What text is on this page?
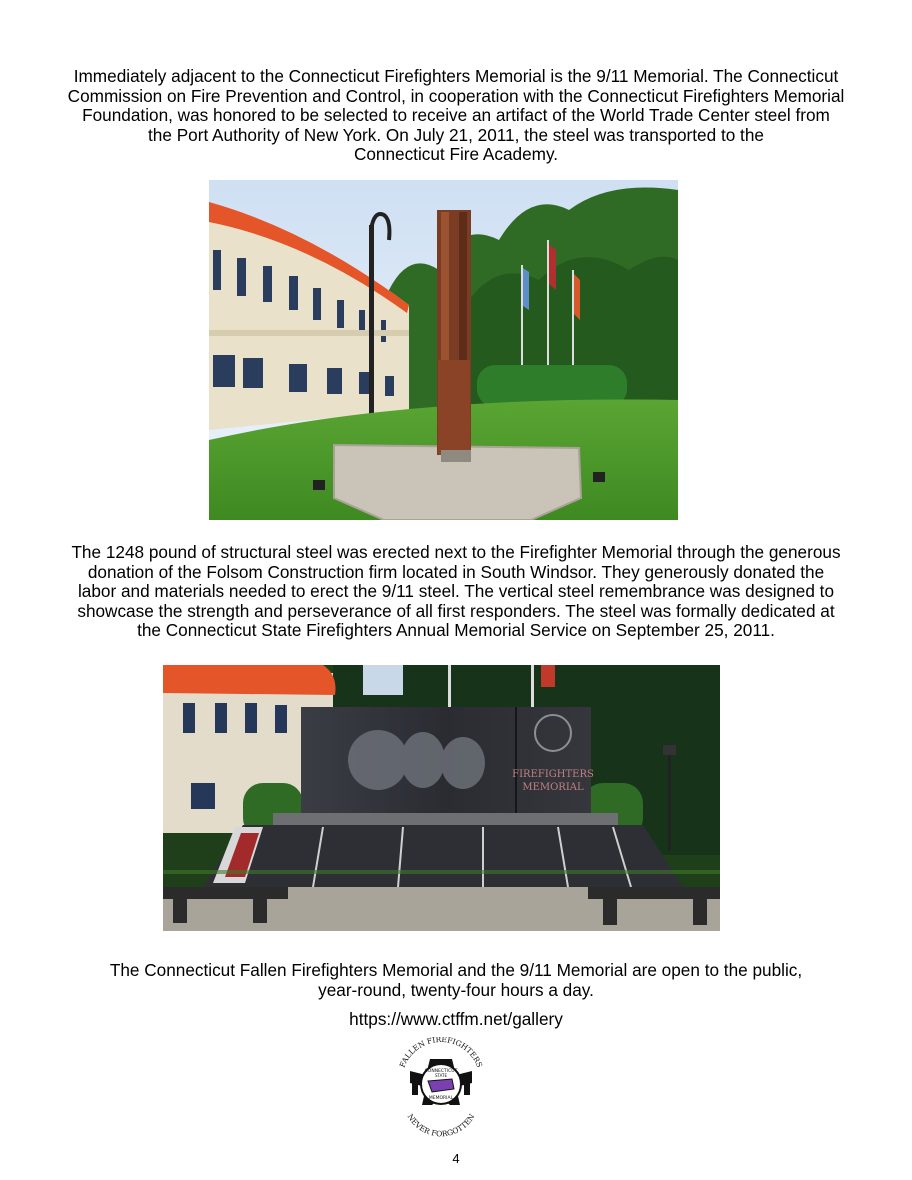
Immediately adjacent to the Connecticut Firefighters Memorial is the 9/11 Memorial. The Connecticut
Commission on Fire Prevention and Control, in cooperation with the Connecticut Firefighters Memorial
Foundation, was honored to be selected to receive an artifact of the World Trade Center steel from
the Port Authority of New York. On July 21, 2011, the steel was transported to the
Connecticut Fire Academy.

The 1248 pound of structural steel was erected next to the Firefighter Memorial through the generous
donation of the Folsom Construction firm located in South Windsor. They generously donated the
labor and materials needed to erect the 9/11 steel. The vertical steel remembrance was designed to
showcase the strength and perseverance of all first responders. The steel was formally dedicated at
the Connecticut State Firefighters Annual Memorial Service on September 25, 2011.

FIREFIGHTERS
MEMORIAL

The Connecticut Fallen Firefighters Memorial and the 9/11 Memorial are open to the public,
year-round, twenty-four hours a day.

https://www.ctffm.net/gallery
FALLEN FIREFIGHTERS
NEVER FORGOTTEN
CONNECTICUT
STATE
MEMORIAL
4
